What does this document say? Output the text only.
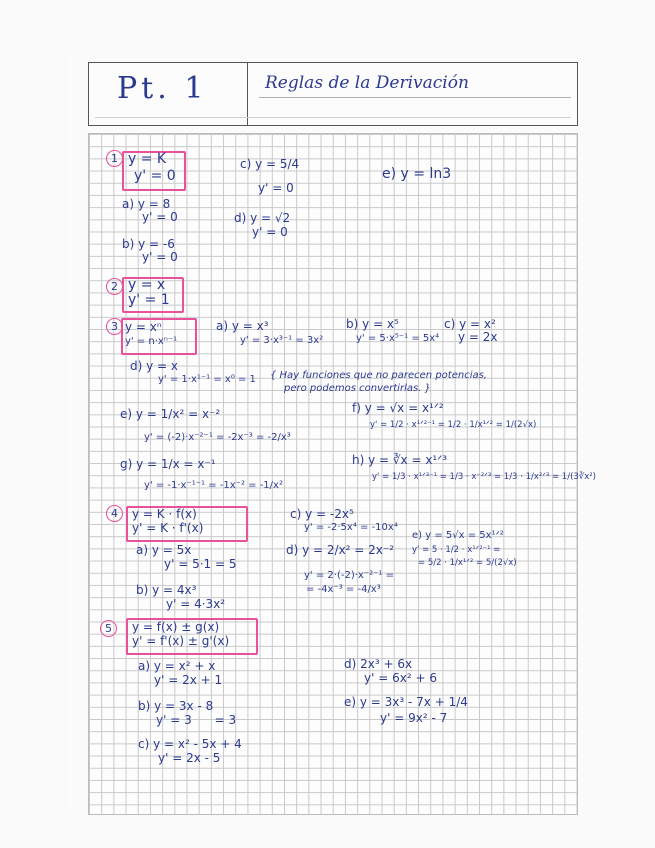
Pt. 1	Reglas de la Derivación
1 y = K
y' = 0
a) y = 8
y' = 0
b) y = -6
y' = 0
c) y = 5/4
y' = 0
d) y = √2
y' = 0
e) y = ln3
2 y = x
y' = 1
3 y = xⁿ
y' = n·xⁿ⁻¹
a) y = x³
y' = 3·x³⁻¹ = 3x²
b) y = x⁵
y' = 5·x⁵⁻¹ = 5x⁴
c) y = x²
y = 2x
d) y = x
y' = 1·x¹⁻¹ = x⁰ = 1 { Hay funciones que no parecen potencias,
pero podemos convertirlas. }
e) y = 1/x² = x⁻²
y' = (-2)·x⁻²⁻¹ = -2x⁻³ = -2/x³
f) y = √x = x¹ᐟ²
y' = 1/2 · x¹ᐟ²⁻¹ = 1/2 · 1/x¹ᐟ² = 1/(2√x)
g) y = 1/x = x⁻¹
y' = -1·x⁻¹⁻¹ = -1x⁻² = -1/x²
h) y = ∛x = x¹ᐟ³
y' = 1/3 · x¹ᐟ³⁻¹ = 1/3 · x⁻²ᐟ³ = 1/3 · 1/x²ᐟ³ = 1/(3∛x²)
4	y = K · f(x)
y' = K · f'(x)
a) y = 5x
y' = 5·1 = 5
b) y = 4x³
y' = 4·3x²
c) y = -2x⁵
y' = -2·5x⁴ = -10x⁴
d) y = 2/x² = 2x⁻²
y' = 2·(-2)·x⁻²⁻¹ =
= -4x⁻³ = -4/x³
e) y = 5√x = 5x¹ᐟ²
y' = 5 · 1/2 · x¹ᐟ²⁻¹ =
= 5/2 · 1/x¹ᐟ² = 5/(2√x)
5	y = f(x) ± g(x)
y' = f'(x) ± g'(x)
a) y = x² + x
y' = 2x + 1
b) y = 3x - 8
y' = 3      = 3
c) y = x² - 5x + 4
y' = 2x - 5
d) 2x³ + 6x
y' = 6x² + 6
e) y = 3x³ - 7x + 1/4
y' = 9x² - 7
